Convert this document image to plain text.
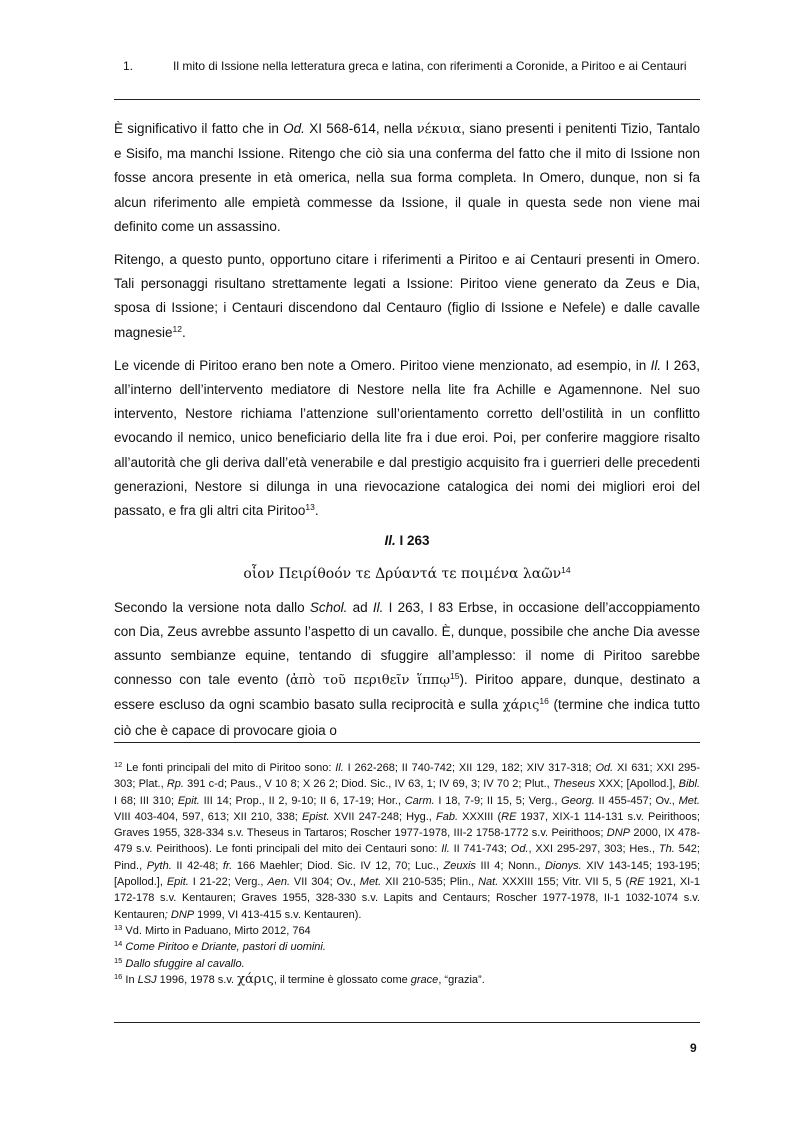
1.	Il mito di Issione nella letteratura greca e latina, con riferimenti a Coronide, a Piritoo e ai Centauri

È significativo il fatto che in Od. XI 568-614, nella νέκυια, siano presenti i penitenti Tizio, Tantalo e Sisifo, ma manchi Issione. Ritengo che ciò sia una conferma del fatto che il mito di Issione non fosse ancora presente in età omerica, nella sua forma completa. In Omero, dunque, non si fa alcun riferimento alle empietà commesse da Issione, il quale in questa sede non viene mai definito come un assassino.

Ritengo, a questo punto, opportuno citare i riferimenti a Piritoo e ai Centauri presenti in Omero. Tali personaggi risultano strettamente legati a Issione: Piritoo viene generato da Zeus e Dia, sposa di Issione; i Centauri discendono dal Centauro (figlio di Issione e Nefele) e dalle cavalle magnesie$^{12}$.

Le vicende di Piritoo erano ben note a Omero. Piritoo viene menzionato, ad esempio, in Il. I 263, all’interno dell’intervento mediatore di Nestore nella lite fra Achille e Agamennone. Nel suo intervento, Nestore richiama l’attenzione sull’orientamento corretto dell’ostilità in un conflitto evocando il nemico, unico beneficiario della lite fra i due eroi. Poi, per conferire maggiore risalto all’autorità che gli deriva dall’età venerabile e dal prestigio acquisito fra i guerrieri delle precedenti generazioni, Nestore si dilunga in una rievocazione catalogica dei nomi dei migliori eroi del passato, e fra gli altri cita Piritoo$^{13}$.

Il. I 263

οἷον Πειρίθοόν τε Δρύαντά τε ποιμένα λαῶν$^{14}$

Secondo la versione nota dallo Schol. ad Il. I 263, I 83 Erbse, in occasione dell’accoppiamento con Dia, Zeus avrebbe assunto l’aspetto di un cavallo. È, dunque, possibile che anche Dia avesse assunto sembianze equine, tentando di sfuggire all’amplesso: il nome di Piritoo sarebbe connesso con tale evento (ἀπὸ τοῦ περιθεῖν ἵππῳ$^{15}$). Piritoo appare, dunque, destinato a essere escluso da ogni scambio basato sulla reciprocità e sulla χάρις$^{16}$ (termine che indica tutto ciò che è capace di provocare gioia o

$^{12}$ Le fonti principali del mito di Piritoo sono: Il. I 262-268; II 740-742; XII 129, 182; XIV 317-318; Od. XI 631; XXI 295-303; Plat., Rp. 391 c-d; Paus., V 10 8; X 26 2; Diod. Sic., IV 63, 1; IV 69, 3; IV 70 2; Plut., Theseus XXX; [Apollod.], Bibl. I 68; III 310; Epit. III 14; Prop., II 2, 9-10; II 6, 17-19; Hor., Carm. I 18, 7-9; II 15, 5; Verg., Georg. II 455-457; Ov., Met. VIII 403-404, 597, 613; XII 210, 338; Epist. XVII 247-248; Hyg., Fab. XXXIII (RE 1937, XIX-1 114-131 s.v. Peirithoos; Graves 1955, 328-334 s.v. Theseus in Tartaros; Roscher 1977-1978, III-2 1758-1772 s.v. Peirithoos; DNP 2000, IX 478-479 s.v. Peirithoos). Le fonti principali del mito dei Centauri sono: Il. II 741-743; Od., XXI 295-297, 303; Hes., Th. 542; Pind., Pyth. II 42-48; fr. 166 Maehler; Diod. Sic. IV 12, 70; Luc., Zeuxis III 4; Nonn., Dionys. XIV 143-145; 193-195; [Apollod.], Epit. I 21-22; Verg., Aen. VII 304; Ov., Met. XII 210-535; Plin., Nat. XXXIII 155; Vitr. VII 5, 5 (RE 1921, XI-1 172-178 s.v. Kentauren; Graves 1955, 328-330 s.v. Lapits and Centaurs; Roscher 1977-1978, II-1 1032-1074 s.v. Kentauren; DNP 1999, VI 413-415 s.v. Kentauren).

$^{13}$ Vd. Mirto in Paduano, Mirto 2012, 764

$^{14}$ Come Piritoo e Driante, pastori di uomini.

$^{15}$ Dallo sfuggire al cavallo.

$^{16}$ In LSJ 1996, 1978 s.v. χάρις, il termine è glossato come grace, “grazia”.

9
